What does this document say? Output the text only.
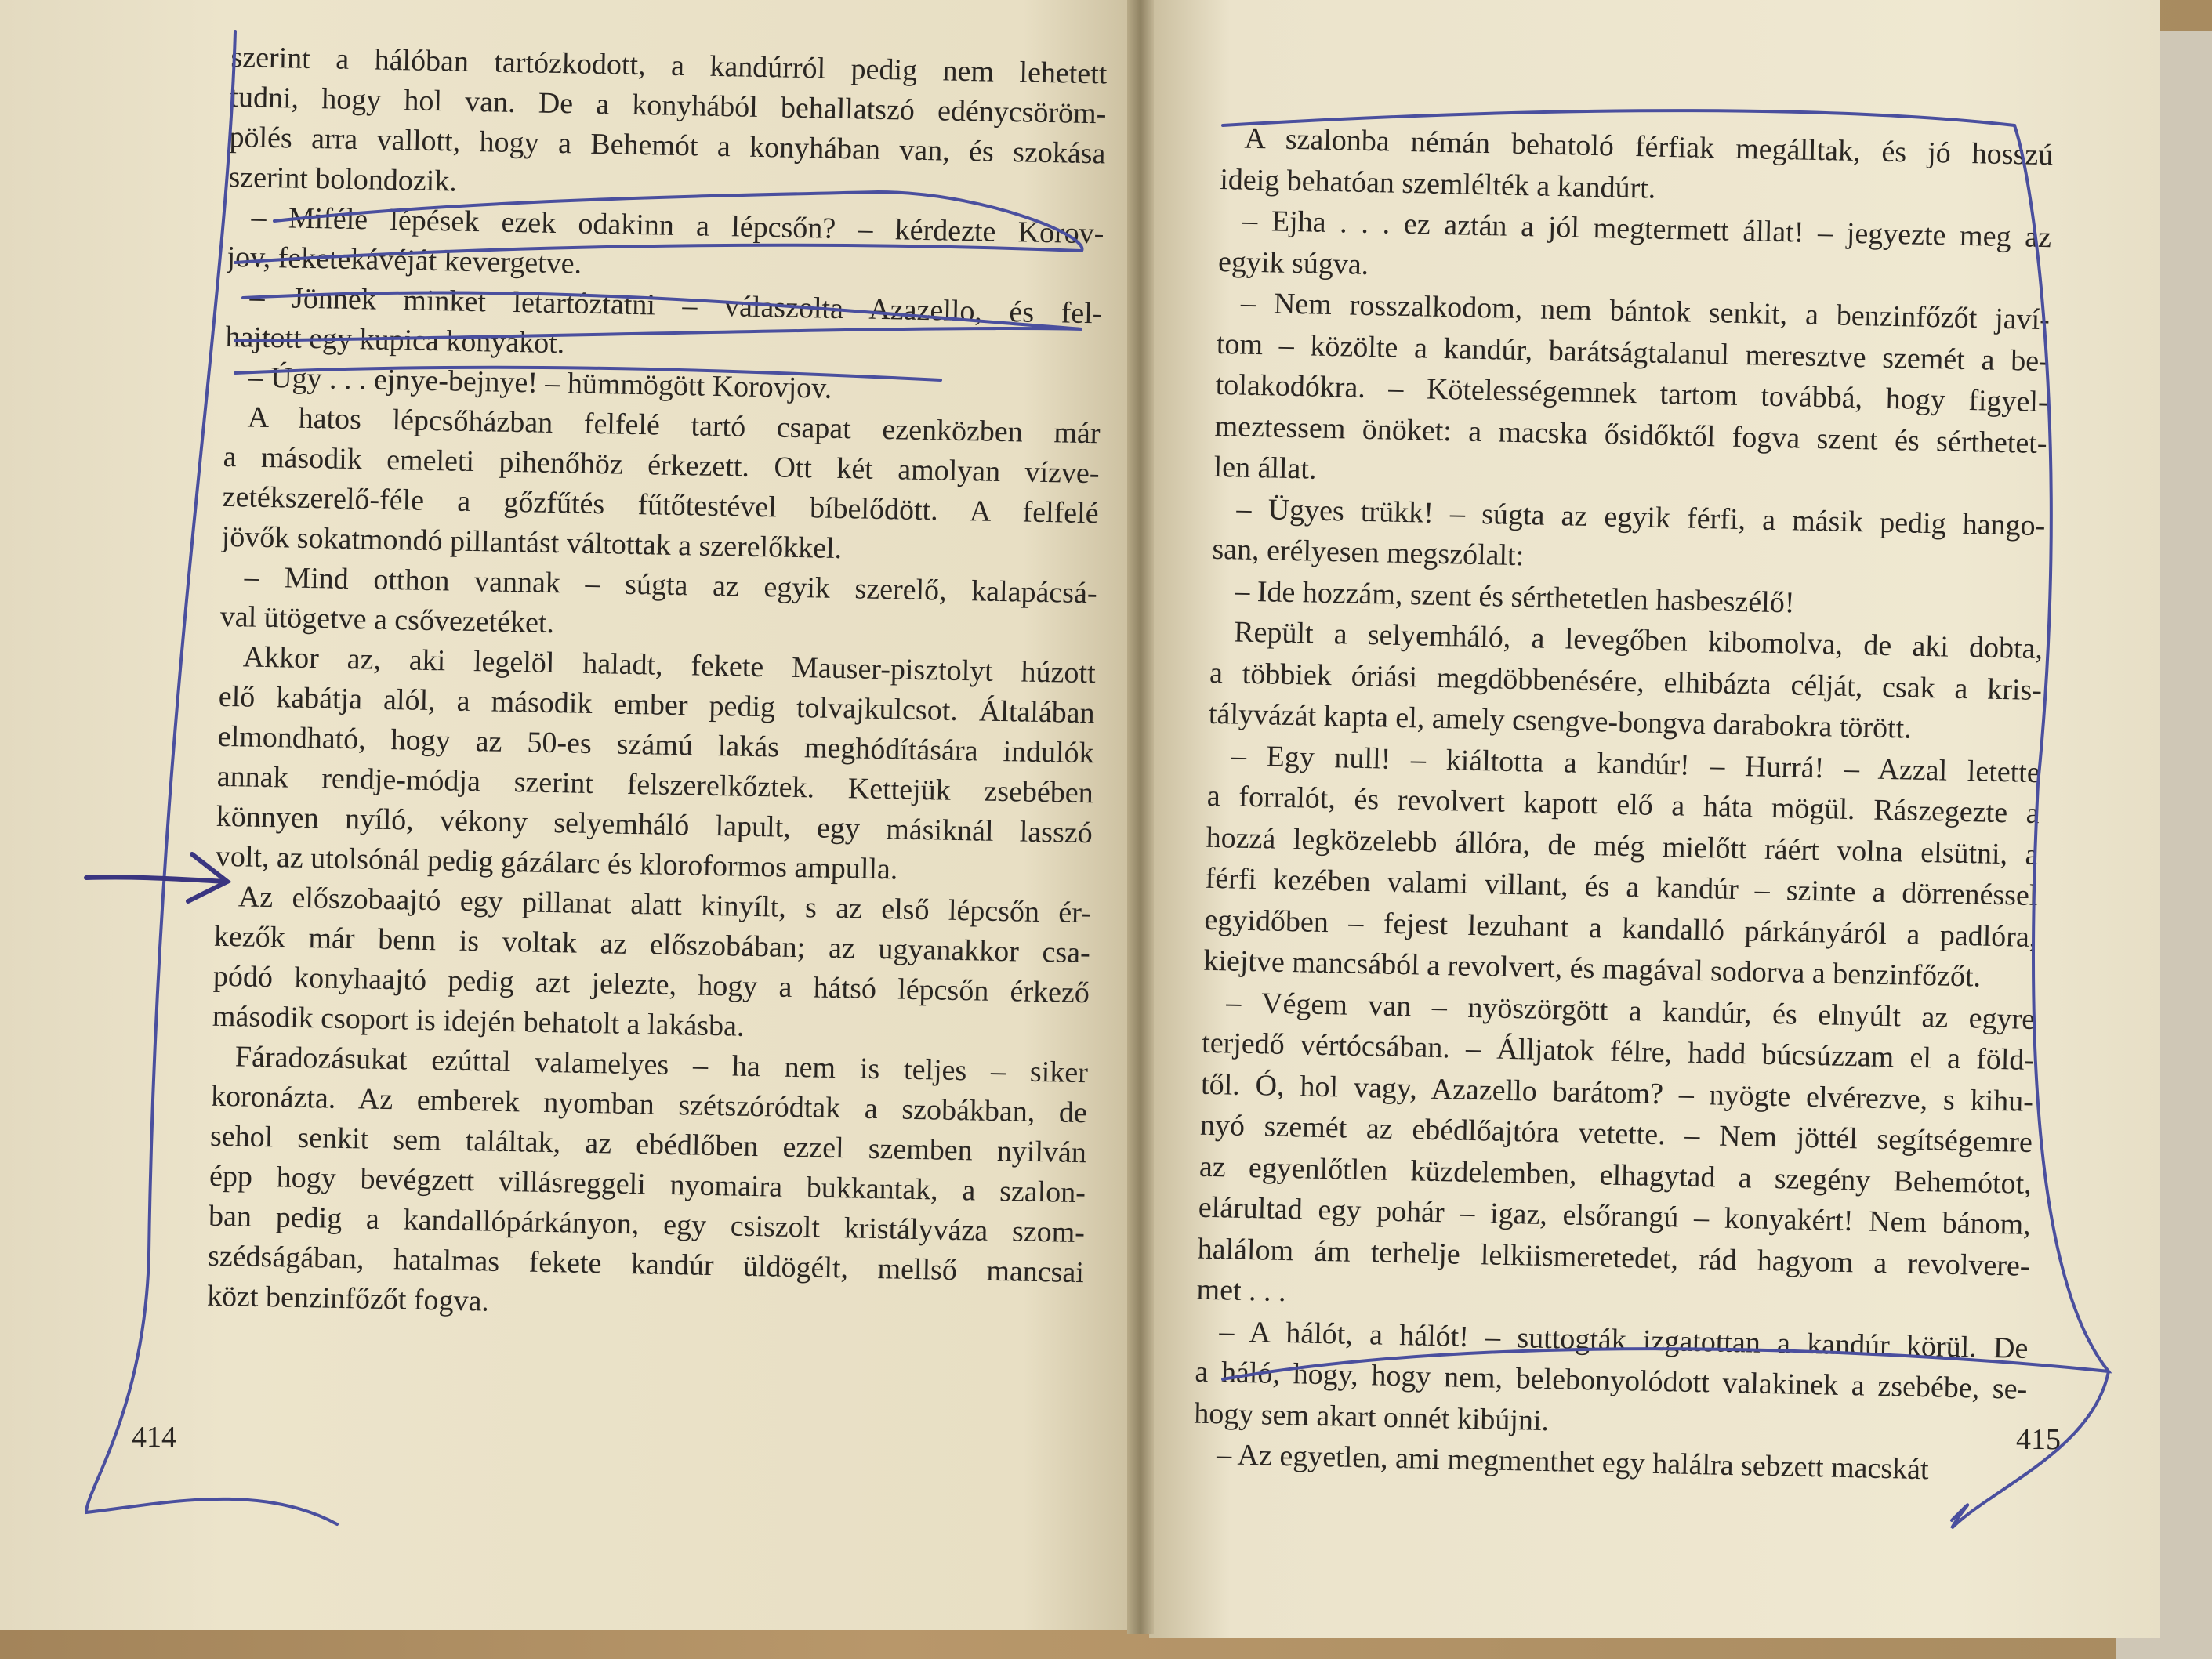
szerint a hálóban tartózkodott, a kandúrról pedig nem lehetett
tudni, hogy hol van. De a konyhából behallatszó edénycsöröm-
pölés arra vallott, hogy a Behemót a konyhában van, és szokása
szerint bolondozik.
– Miféle lépések ezek odakinn a lépcsőn? – kérdezte Korov-
jov, feketekávéját kevergetve.
– Jönnek minket letartóztatni – válaszolta Azazello, és fel-
hajtott egy kupica konyakot.
– Úgy . . . ejnye-bejnye! – hümmögött Korovjov.
A hatos lépcsőházban felfelé tartó csapat ezenközben már
a második emeleti pihenőhöz érkezett. Ott két amolyan vízve-
zetékszerelő-féle a gőzfűtés fűtőtestével bíbelődött. A felfelé
jövők sokatmondó pillantást váltottak a szerelőkkel.
– Mind otthon vannak – súgta az egyik szerelő, kalapácsá-
val ütögetve a csővezetéket.
Akkor az, aki legelöl haladt, fekete Mauser-pisztolyt húzott
elő kabátja alól, a második ember pedig tolvajkulcsot. Általában
elmondható, hogy az 50-es számú lakás meghódítására indulók
annak rendje-módja szerint felszerelkőztek. Kettejük zsebében
könnyen nyíló, vékony selyemháló lapult, egy másiknál lasszó
volt, az utolsónál pedig gázálarc és kloroformos ampulla.
Az előszobaajtó egy pillanat alatt kinyílt, s az első lépcsőn ér-
kezők már benn is voltak az előszobában; az ugyanakkor csa-
pódó konyhaajtó pedig azt jelezte, hogy a hátsó lépcsőn érkező
második csoport is idején behatolt a lakásba.
Fáradozásukat ezúttal valamelyes – ha nem is teljes – siker
koronázta. Az emberek nyomban szétszóródtak a szobákban, de
sehol senkit sem találtak, az ebédlőben ezzel szemben nyilván
épp hogy bevégzett villásreggeli nyomaira bukkantak, a szalon-
ban pedig a kandallópárkányon, egy csiszolt kristályváza szom-
szédságában, hatalmas fekete kandúr üldögélt, mellső mancsai
közt benzinfőzőt fogva.
A szalonba némán behatoló férfiak megálltak, és jó hosszú
ideig behatóan szemlélték a kandúrt.
– Ejha . . . ez aztán a jól megtermett állat! – jegyezte meg az
egyik súgva.
– Nem rosszalkodom, nem bántok senkit, a benzinfőzőt javí-
tom – közölte a kandúr, barátságtalanul meresztve szemét a be-
tolakodókra. – Kötelességemnek tartom továbbá, hogy figyel-
meztessem önöket: a macska ősidőktől fogva szent és sérthetet-
len állat.
– Ügyes trükk! – súgta az egyik férfi, a másik pedig hango-
san, erélyesen megszólalt:
– Ide hozzám, szent és sérthetetlen hasbeszélő!
Repült a selyemháló, a levegőben kibomolva, de aki dobta,
a többiek óriási megdöbbenésére, elhibázta célját, csak a kris-
tályvázát kapta el, amely csengve-bongva darabokra törött.
– Egy null! – kiáltotta a kandúr! – Hurrá! – Azzal letette
a forralót, és revolvert kapott elő a háta mögül. Rászegezte a
hozzá legközelebb állóra, de még mielőtt ráért volna elsütni, a
férfi kezében valami villant, és a kandúr – szinte a dörrenéssel
egyidőben – fejest lezuhant a kandalló párkányáról a padlóra,
kiejtve mancsából a revolvert, és magával sodorva a benzinfőzőt.
– Végem van – nyöszörgött a kandúr, és elnyúlt az egyre
terjedő vértócsában. – Álljatok félre, hadd búcsúzzam el a föld-
től. Ó, hol vagy, Azazello barátom? – nyögte elvérezve, s kihu-
nyó szemét az ebédlőajtóra vetette. – Nem jöttél segítségemre
az egyenlőtlen küzdelemben, elhagytad a szegény Behemótot,
elárultad egy pohár – igaz, elsőrangú – konyakért! Nem bánom,
halálom ám terhelje lelkiismeretedet, rád hagyom a revolvere-
met . . .
– A hálót, a hálót! – suttogták izgatottan a kandúr körül. De
a háló, hogy, hogy nem, belebonyolódott valakinek a zsebébe, se-
hogy sem akart onnét kibújni.
– Az egyetlen, ami megmenthet egy halálra sebzett macskát
414	415
